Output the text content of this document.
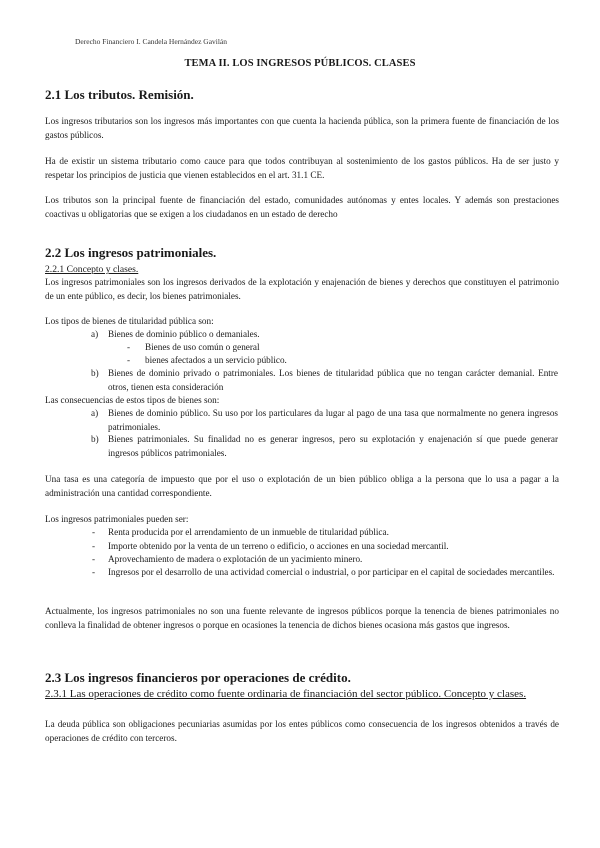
Derecho Financiero I. Candela Hernández Gavilán
TEMA II. LOS INGRESOS PÚBLICOS. CLASES
2.1 Los tributos. Remisión.

Los ingresos tributarios son los ingresos más importantes con que cuenta la hacienda pública, son la primera fuente de financiación de los gastos públicos.

Ha de existir un sistema tributario como cauce para que todos contribuyan al sostenimiento de los gastos públicos. Ha de ser justo y respetar los principios de justicia que vienen establecidos en el art. 31.1 CE.

Los tributos son la principal fuente de financiación del estado, comunidades autónomas y entes locales. Y además son prestaciones coactivas u obligatorias que se exigen a los ciudadanos en un estado de derecho

2.2 Los ingresos patrimoniales.
2.2.1 Concepto y clases.

Los ingresos patrimoniales son los ingresos derivados de la explotación y enajenación de bienes y derechos que constituyen el patrimonio de un ente público, es decir, los bienes patrimoniales.

Los tipos de bienes de titularidad pública son:
a) Bienes de dominio público o demaniales.

- Bienes de uso común o general

- bienes afectados a un servicio público.

b) Bienes de dominio privado o patrimoniales. Los bienes de titularidad pública que no tengan carácter demanial. Entre otros, tienen esta consideración

Las consecuencias de estos tipos de bienes son:
a) Bienes de dominio público. Su uso por los particulares da lugar al pago de una tasa que normalmente no genera ingresos patrimoniales.

b) Bienes patrimoniales. Su finalidad no es generar ingresos, pero su explotación y enajenación sí que puede generar ingresos públicos patrimoniales.

Una tasa es una categoría de impuesto que por el uso o explotación de un bien público obliga a la persona que lo usa a pagar a la administración una cantidad correspondiente.

Los ingresos patrimoniales pueden ser:
- Renta producida por el arrendamiento de un inmueble de titularidad pública.

- Importe obtenido por la venta de un terreno o edificio, o acciones en una sociedad mercantil.

- Aprovechamiento de madera o explotación de un yacimiento minero.

- Ingresos por el desarrollo de una actividad comercial o industrial, o por participar en el capital de sociedades mercantiles.

Actualmente, los ingresos patrimoniales no son una fuente relevante de ingresos públicos porque la tenencia de bienes patrimoniales no conlleva la finalidad de obtener ingresos o porque en ocasiones la tenencia de dichos bienes ocasiona más gastos que ingresos.

2.3 Los ingresos financieros por operaciones de crédito.
2.3.1 Las operaciones de crédito como fuente ordinaria de financiación del sector público. Concepto y clases.

La deuda pública son obligaciones pecuniarias asumidas por los entes públicos como consecuencia de los ingresos obtenidos a través de operaciones de crédito con terceros.
